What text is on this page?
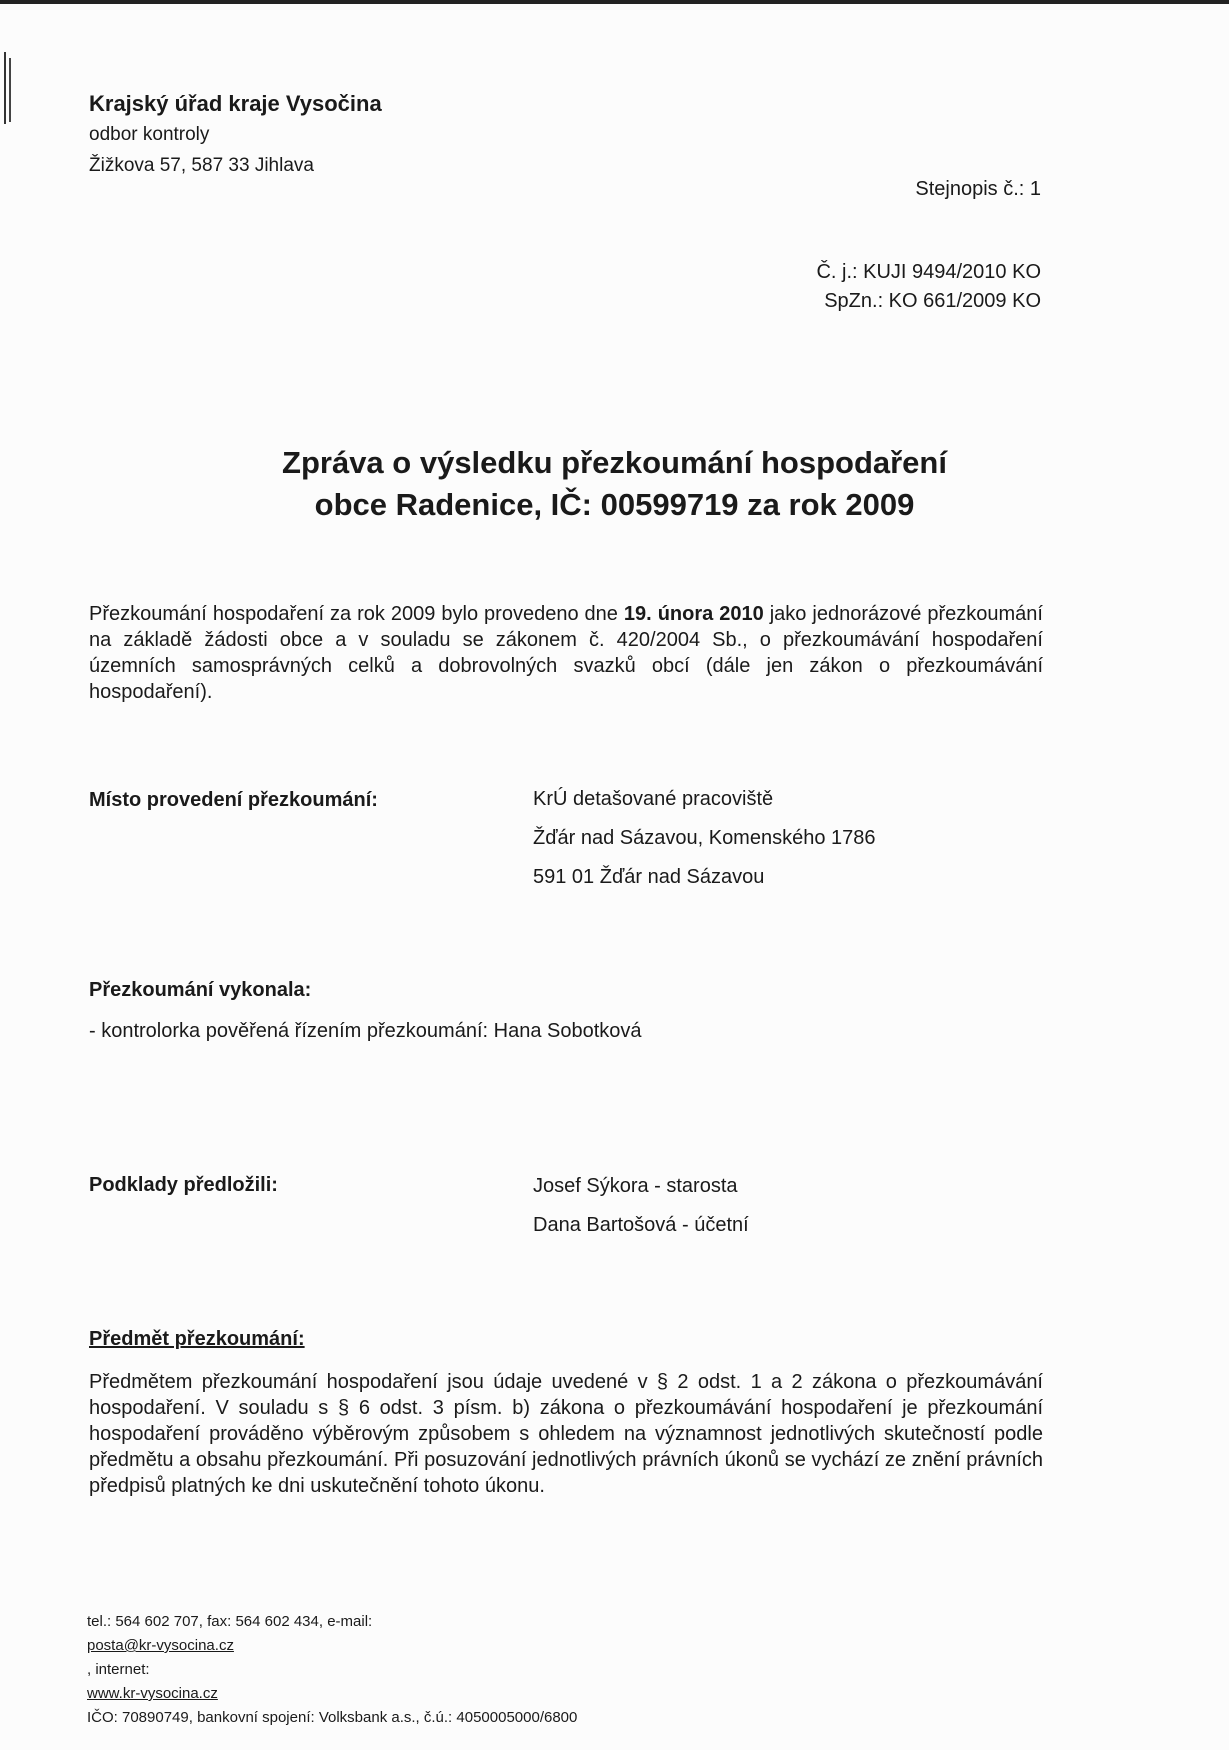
Krajský úřad kraje Vysočina
odbor kontroly
Žižkova 57, 587 33 Jihlava
Stejnopis č.: 1
Č. j.: KUJI 9494/2010 KO
SpZn.: KO 661/2009 KO
Zpráva o výsledku přezkoumání hospodaření
obce Radenice, IČ: 00599719 za rok 2009
Přezkoumání hospodaření za rok 2009 bylo provedeno dne 19. února 2010 jako jednorázové přezkoumání na základě žádosti obce a v souladu se zákonem č. 420/2004 Sb., o přezkoumávání hospodaření územních samosprávných celků a dobrovolných svazků obcí (dále jen zákon o přezkoumávání hospodaření).
Místo provedení přezkoumání:	KrÚ detašované pracoviště
Žďár nad Sázavou, Komenského 1786
591 01 Žďár nad Sázavou
Přezkoumání vykonala:
- kontrolorka pověřená řízením přezkoumání: Hana Sobotková
Podklady předložili:	Josef Sýkora - starosta
Dana Bartošová - účetní
Předmět přezkoumání:
Předmětem přezkoumání hospodaření jsou údaje uvedené v § 2 odst. 1 a 2 zákona o přezkoumávání hospodaření. V souladu s § 6 odst. 3 písm. b) zákona o přezkoumávání hospodaření je přezkoumání hospodaření prováděno výběrovým způsobem s ohledem na významnost jednotlivých skutečností podle předmětu a obsahu přezkoumání. Při posuzování jednotlivých právních úkonů se vychází ze znění právních předpisů platných ke dni uskutečnění tohoto úkonu.
tel.: 564 602 707, fax: 564 602 434, e-mail:
posta@kr-vysocina.cz
, internet:
www.kr-vysocina.cz
IČO: 70890749, bankovní spojení: Volksbank a.s., č.ú.: 4050005000/6800
